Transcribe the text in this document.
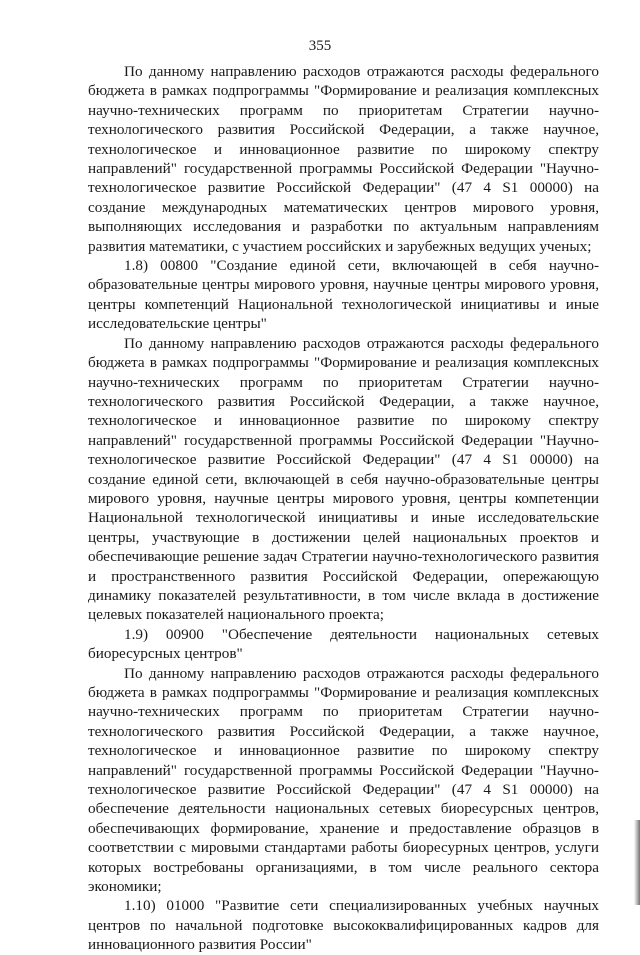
355

По данному направлению расходов отражаются расходы федерального бюджета в рамках подпрограммы "Формирование и реализация комплексных научно-технических программ по приоритетам Стратегии научно-технологического развития Российской Федерации, а также научное, технологическое и инновационное развитие по широкому спектру направлений" государственной программы Российской Федерации "Научно-технологическое развитие Российской Федерации" (47 4 S1 00000) на создание международных математических центров мирового уровня, выполняющих исследования и разработки по актуальным направлениям развития математики, с участием российских и зарубежных ведущих ученых;

1.8) 00800 "Создание единой сети, включающей в себя научно-образовательные центры мирового уровня, научные центры мирового уровня, центры компетенций Национальной технологической инициативы и иные исследовательские центры"

По данному направлению расходов отражаются расходы федерального бюджета в рамках подпрограммы "Формирование и реализация комплексных научно-технических программ по приоритетам Стратегии научно-технологического развития Российской Федерации, а также научное, технологическое и инновационное развитие по широкому спектру направлений" государственной программы Российской Федерации "Научно-технологическое развитие Российской Федерации" (47 4 S1 00000) на создание единой сети, включающей в себя научно-образовательные центры мирового уровня, научные центры мирового уровня, центры компетенции Национальной технологической инициативы и иные исследовательские центры, участвующие в достижении целей национальных проектов и обеспечивающие решение задач Стратегии научно-технологического развития и пространственного развития Российской Федерации, опережающую динамику показателей результативности, в том числе вклада в достижение целевых показателей национального проекта;

1.9) 00900 "Обеспечение деятельности национальных сетевых биоресурсных центров"

По данному направлению расходов отражаются расходы федерального бюджета в рамках подпрограммы "Формирование и реализация комплексных научно-технических программ по приоритетам Стратегии научно-технологического развития Российской Федерации, а также научное, технологическое и инновационное развитие по широкому спектру направлений" государственной программы Российской Федерации "Научно-технологическое развитие Российской Федерации" (47 4 S1 00000) на обеспечение деятельности национальных сетевых биоресурсных центров, обеспечивающих формирование, хранение и предоставление образцов в соответствии с мировыми стандартами работы биоресурных центров, услуги которых востребованы организациями, в том числе реального сектора экономики;

1.10) 01000 "Развитие сети специализированных учебных научных центров по начальной подготовке высококвалифицированных кадров для инновационного развития России"
